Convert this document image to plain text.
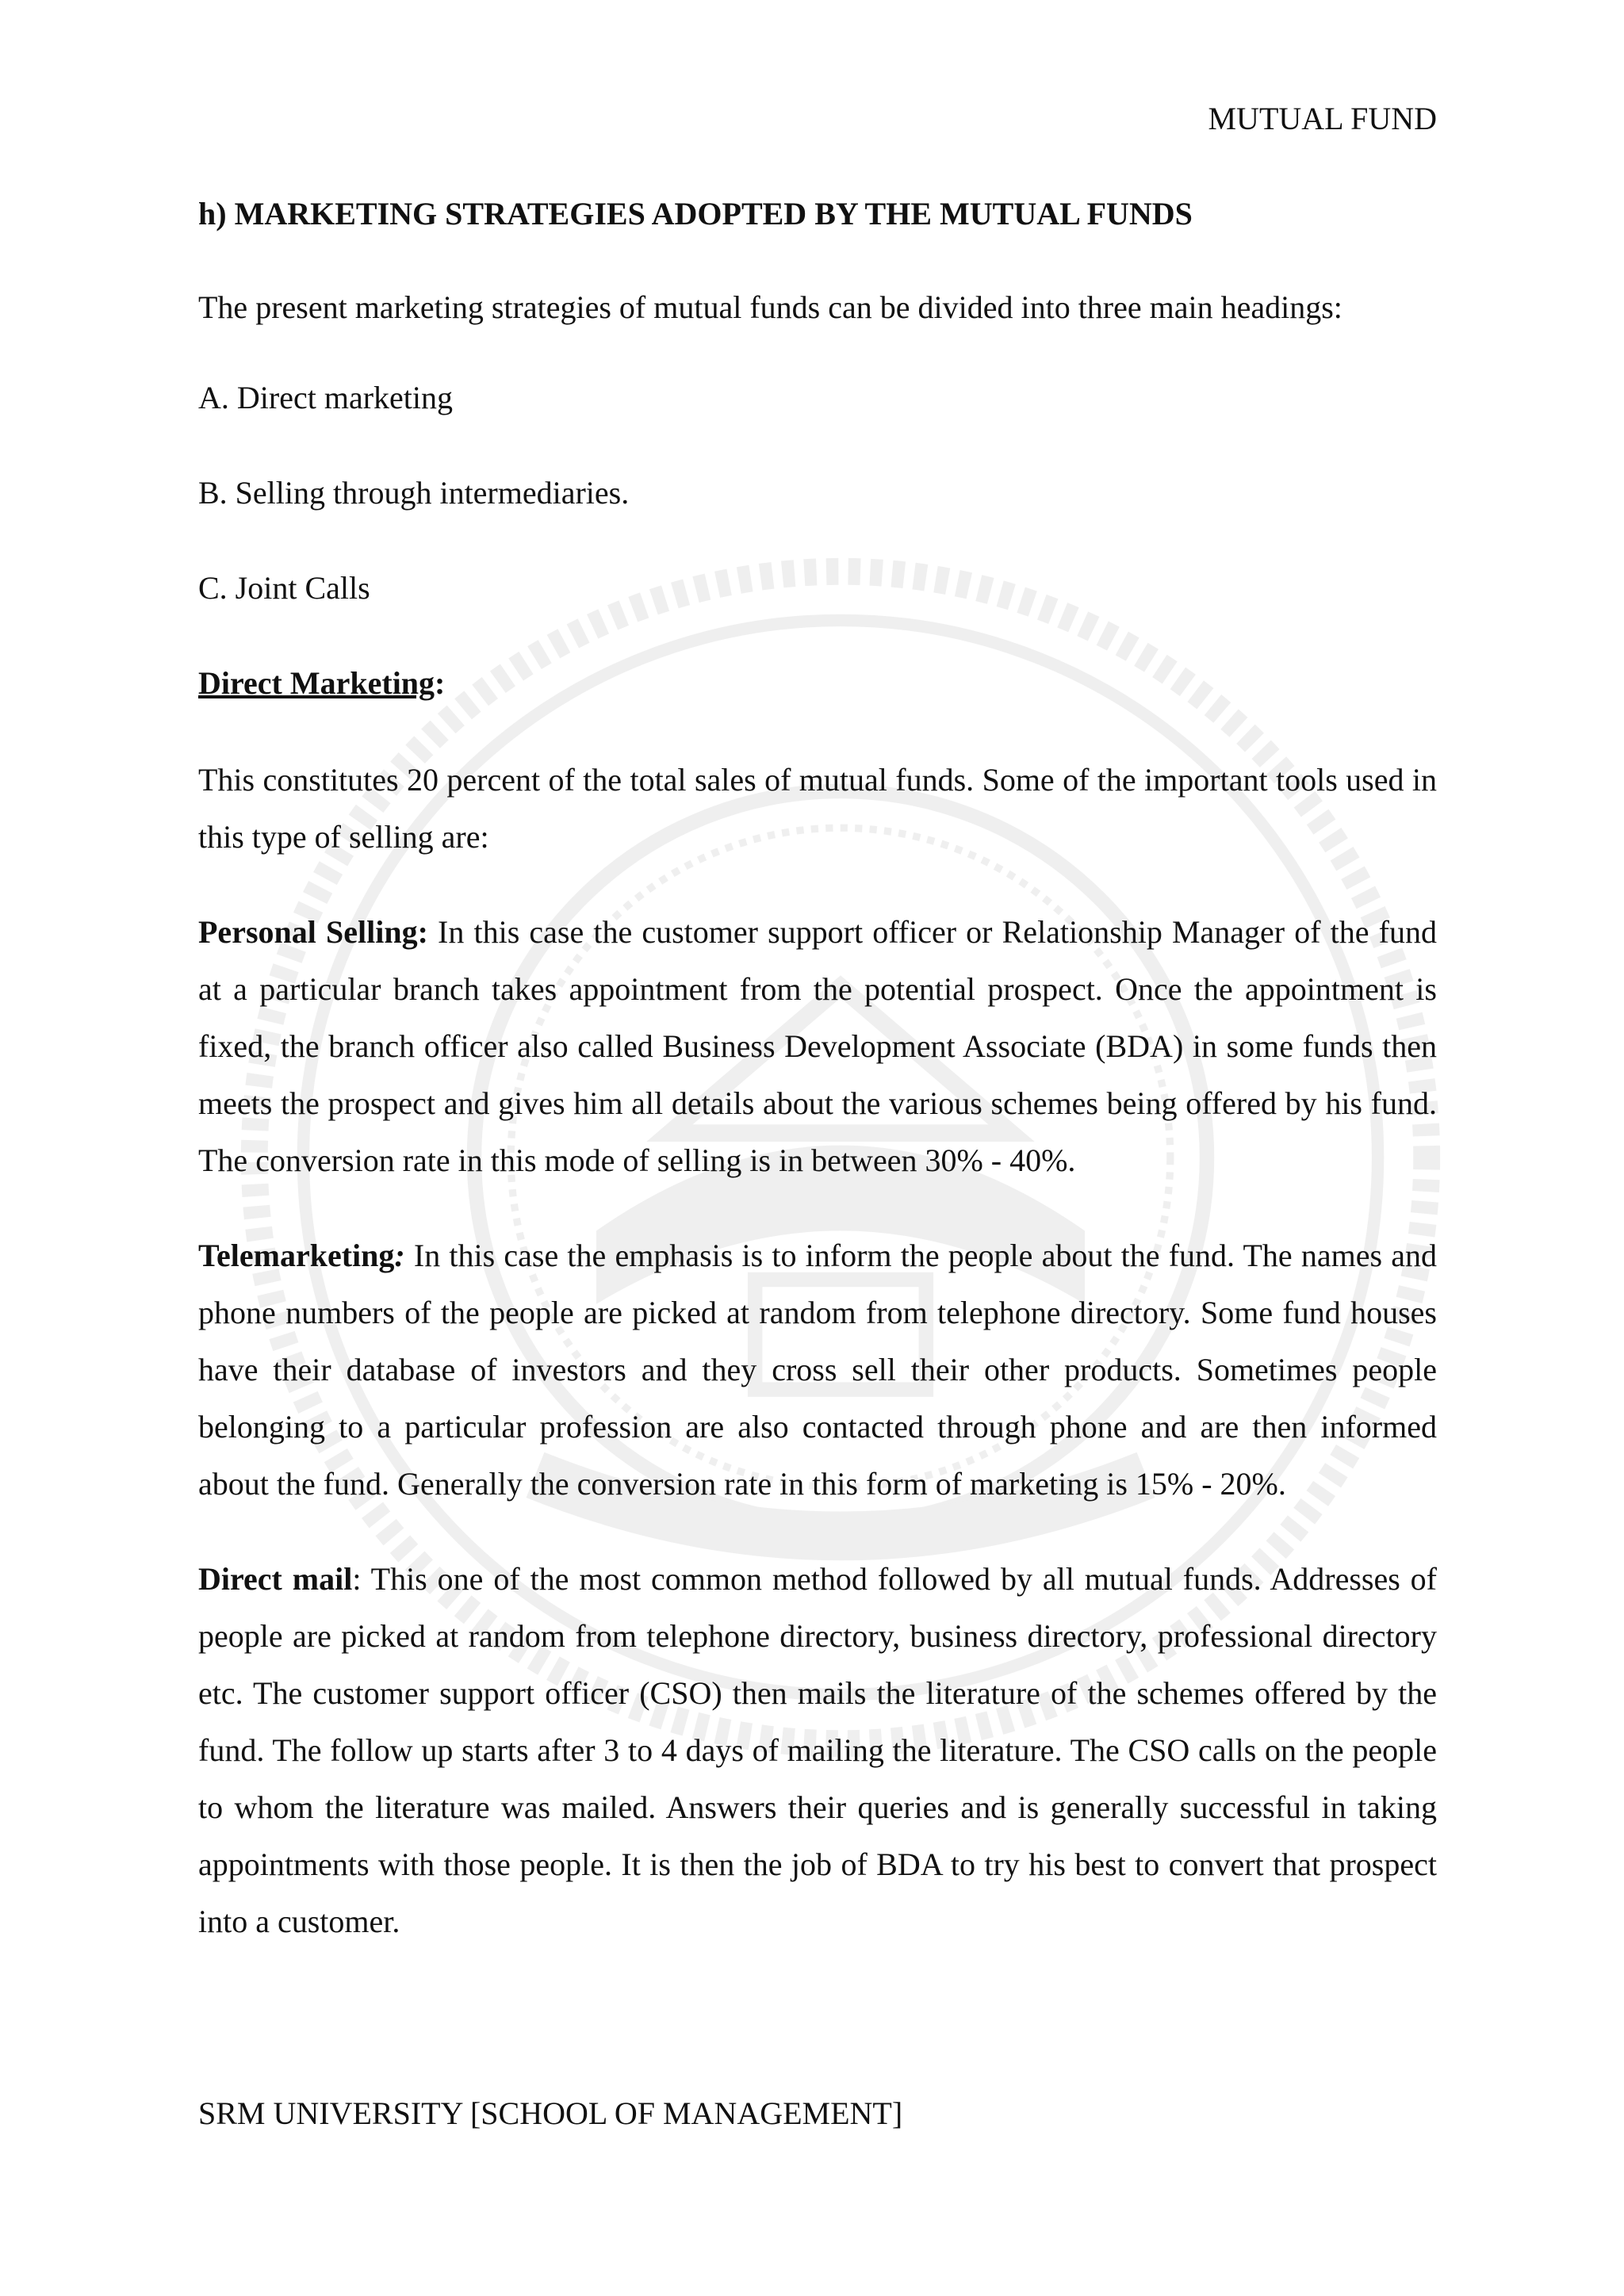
MUTUAL FUND
h) MARKETING STRATEGIES ADOPTED BY THE MUTUAL FUNDS
The present marketing strategies of mutual funds can be divided into three main headings:
A. Direct marketing
B. Selling through intermediaries.
C. Joint Calls
Direct Marketing:
This constitutes 20 percent of the total sales of mutual funds. Some of the important tools used in this type of selling are:
Personal Selling: In this case the customer support officer or Relationship Manager of the fund at a particular branch takes appointment from the potential prospect. Once the appointment is fixed, the branch officer also called Business Development Associate (BDA) in some funds then meets the prospect and gives him all details about the various schemes being offered by his fund. The conversion rate in this mode of selling is in between 30% - 40%.
Telemarketing: In this case the emphasis is to inform the people about the fund. The names and phone numbers of the people are picked at random from telephone directory. Some fund houses have their database of investors and they cross sell their other products. Sometimes people belonging to a particular profession are also contacted through phone and are then informed about the fund. Generally the conversion rate in this form of marketing is 15% - 20%.
Direct mail: This one of the most common method followed by all mutual funds. Addresses of people are picked at random from telephone directory, business directory, professional directory etc. The customer support officer (CSO) then mails the literature of the schemes offered by the fund. The follow up starts after 3 to 4 days of mailing the literature. The CSO calls on the people to whom the literature was mailed. Answers their queries and is generally successful in taking appointments with those people. It is then the job of BDA to try his best to convert that prospect into a customer.
SRM UNIVERSITY [SCHOOL OF MANAGEMENT]
